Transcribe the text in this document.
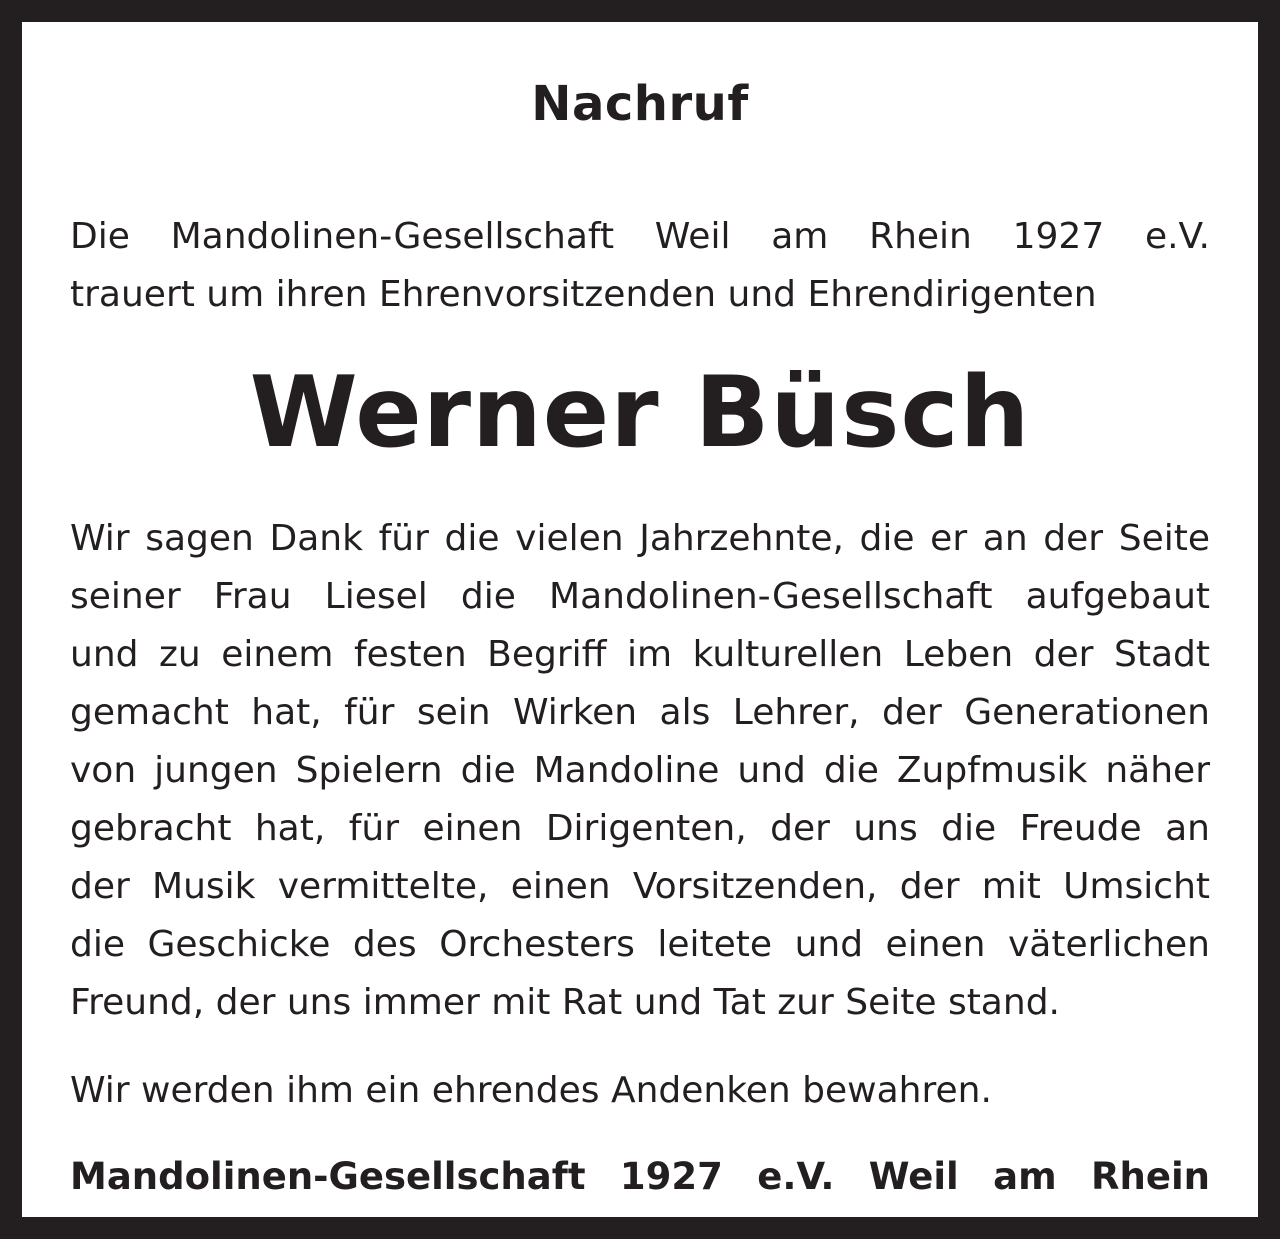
Nachruf
Die Mandolinen-Gesellschaft Weil am Rhein 1927 e.V.
trauert um ihren Ehrenvorsitzenden und Ehrendirigenten
Werner Büsch
Wir sagen Dank für die vielen Jahrzehnte, die er an der Seite
seiner Frau Liesel die Mandolinen-Gesellschaft aufgebaut
und zu einem festen Begriff im kulturellen Leben der Stadt
gemacht hat, für sein Wirken als Lehrer, der Generationen
von jungen Spielern die Mandoline und die Zupfmusik näher
gebracht hat, für einen Dirigenten, der uns die Freude an
der Musik vermittelte, einen Vorsitzenden, der mit Umsicht
die Geschicke des Orchesters leitete und einen väterlichen
Freund, der uns immer mit Rat und Tat zur Seite stand.
Wir werden ihm ein ehrendes Andenken bewahren.
Mandolinen-Gesellschaft 1927 e.V. Weil am Rhein
